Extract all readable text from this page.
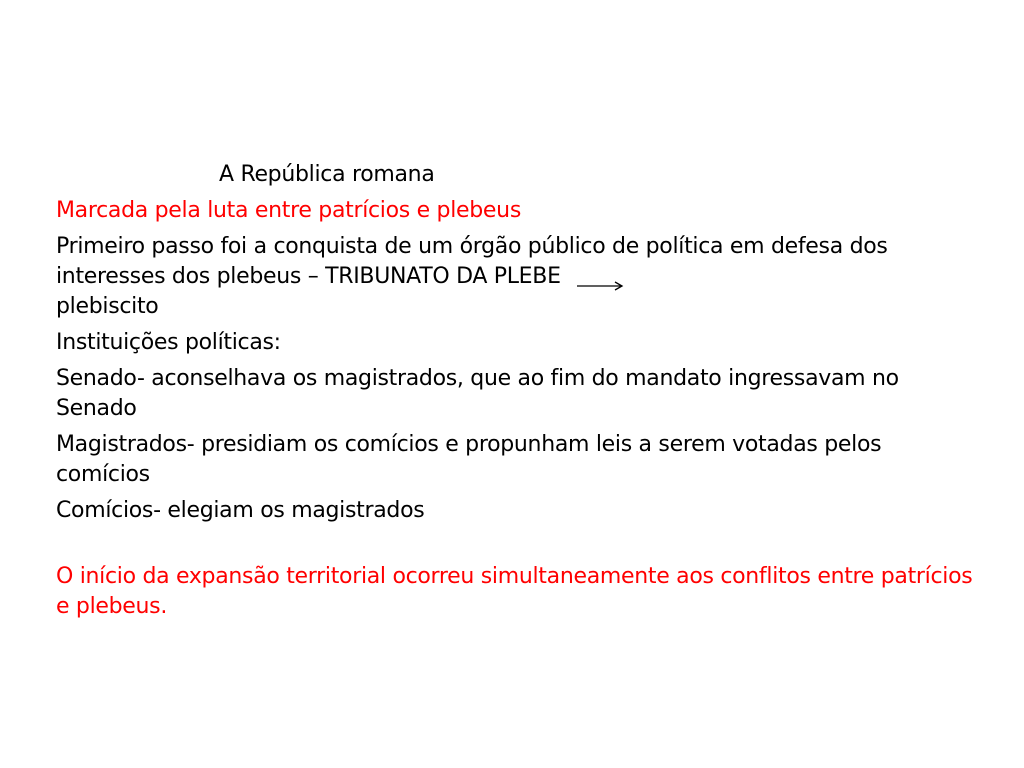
A República romana
Marcada pela luta entre patrícios e plebeus
Primeiro passo foi a conquista de um órgão público de política em defesa dos interesses dos plebeus – TRIBUNATO DA PLEBE
plebiscito
Instituições políticas:
Senado- aconselhava os magistrados, que ao fim do mandato ingressavam no Senado
Magistrados- presidiam os comícios e propunham leis a serem votadas pelos comícios
Comícios- elegiam os magistrados
O início da expansão territorial ocorreu simultaneamente aos conflitos entre patrícios e plebeus.
